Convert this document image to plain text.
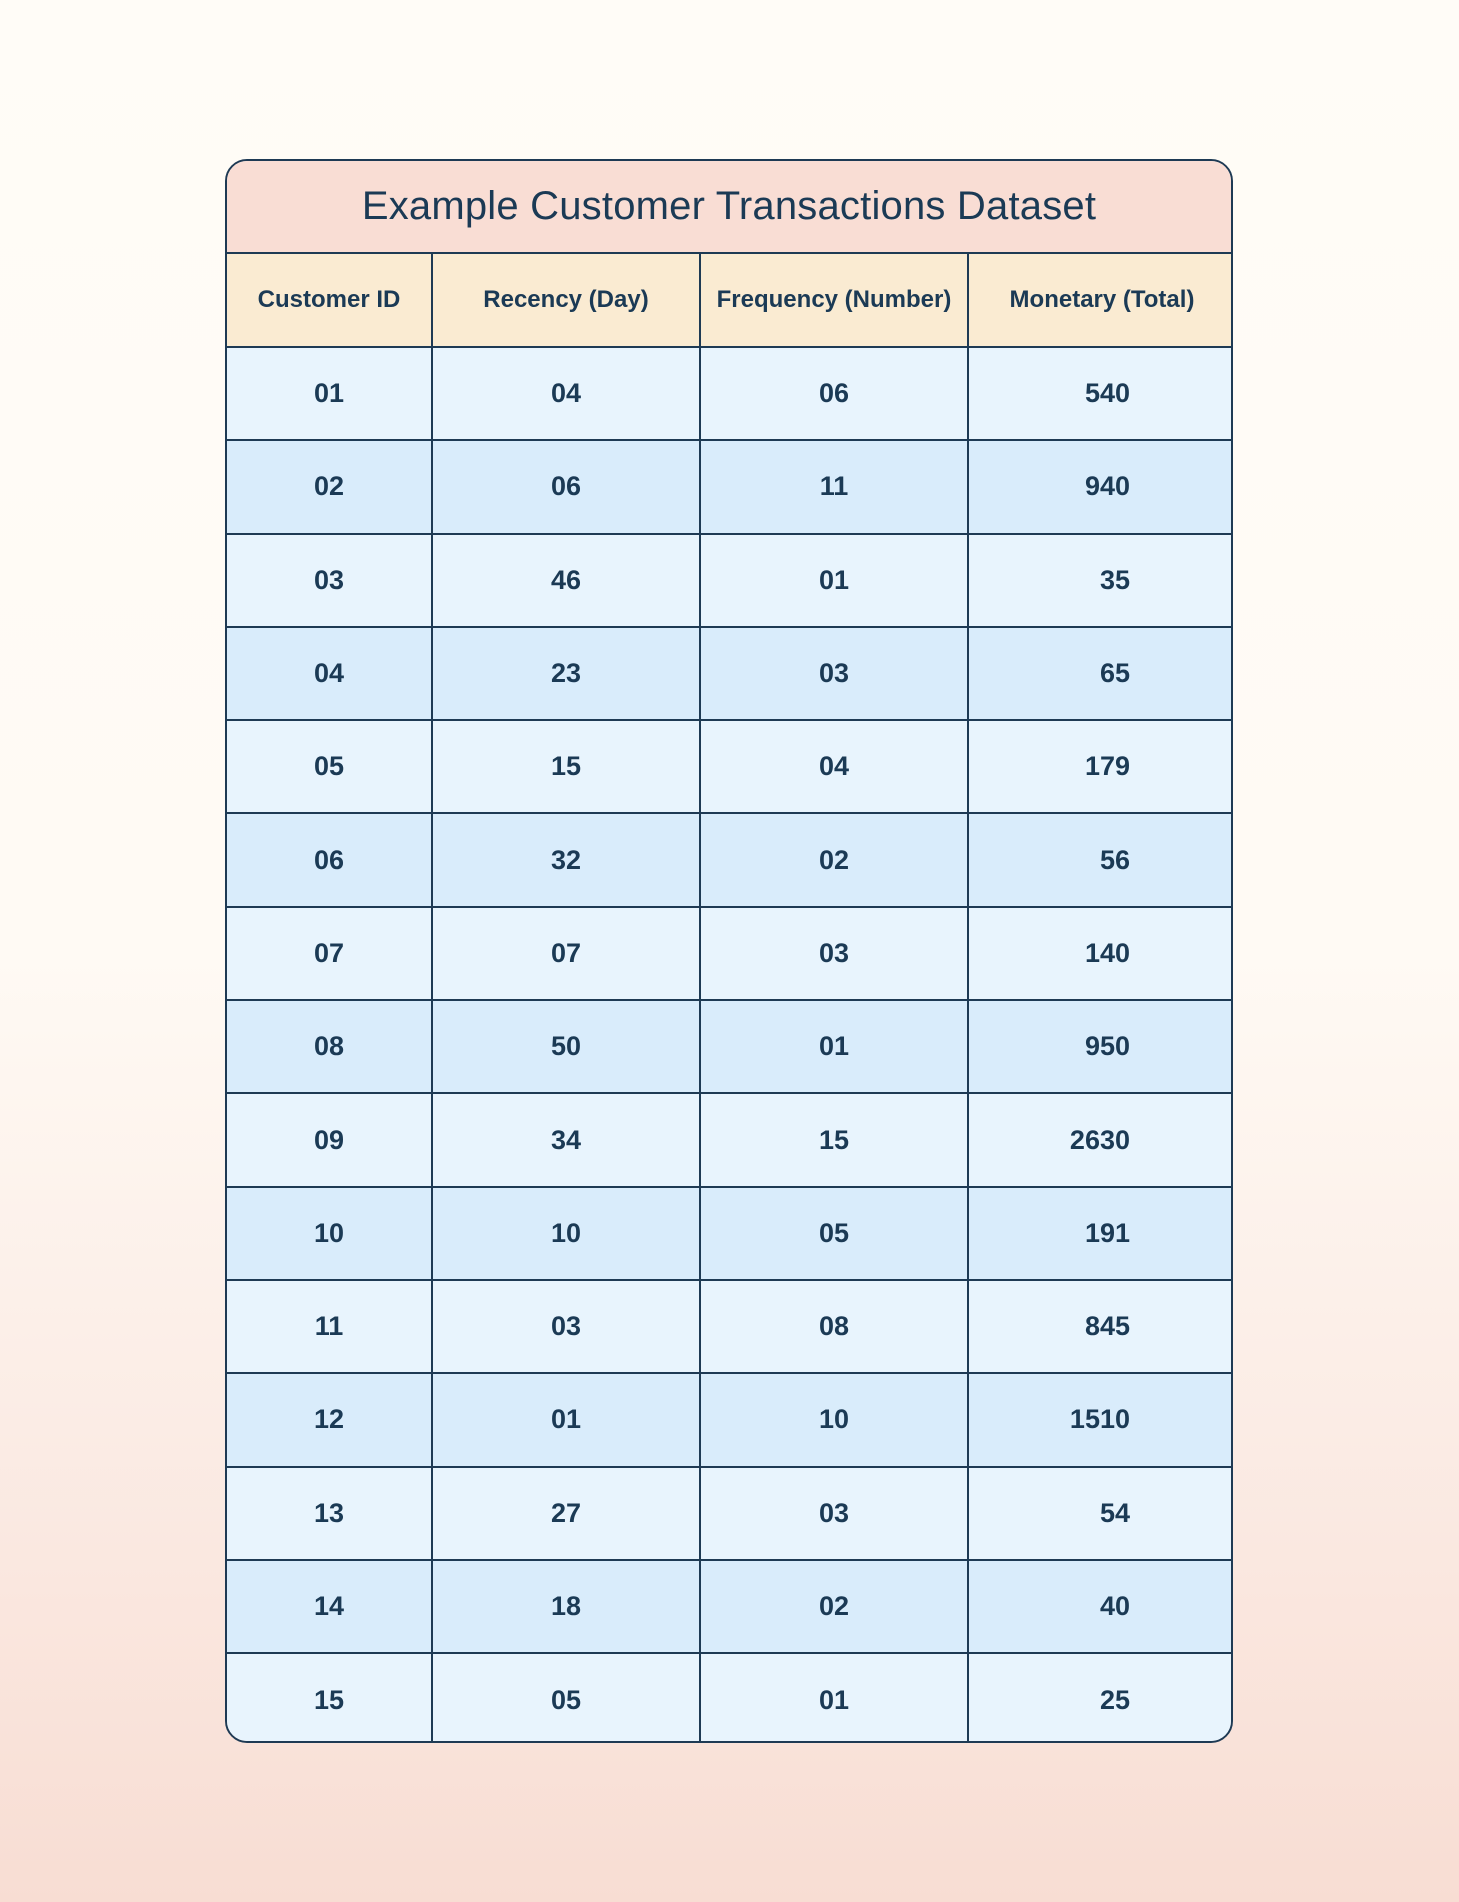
Example Customer Transactions Dataset
Customer ID	Recency (Day)	Frequency (Number)	Monetary (Total)
01	04	06	540
02	06	11	940
03	46	01	35
04	23	03	65
05	15	04	179
06	32	02	56
07	07	03	140
08	50	01	950
09	34	15	2630
10	10	05	191
11	03	08	845
12	01	10	1510
13	27	03	54
14	18	02	40
15	05	01	25
